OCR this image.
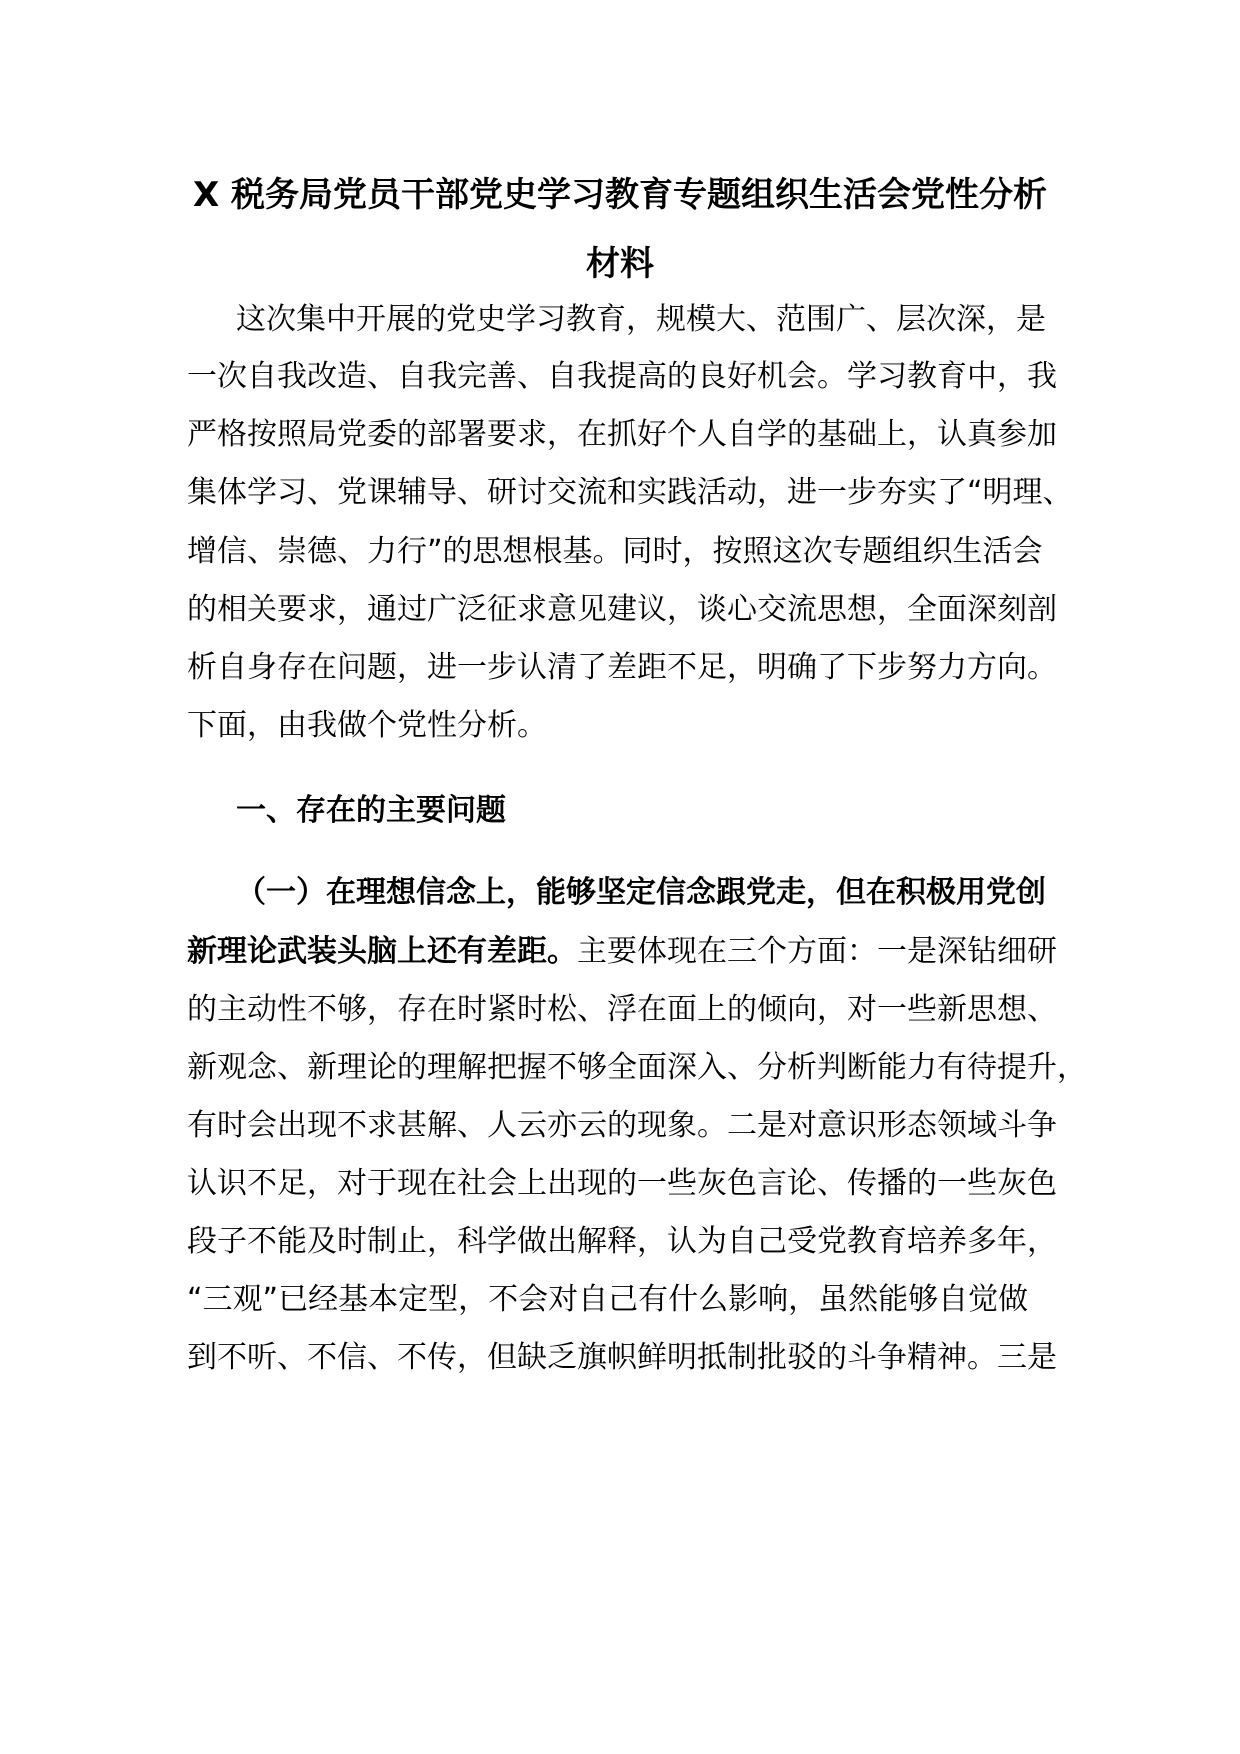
X 税务局党员干部党史学习教育专题组织生活会党性分析
材料

这次集中开展的党史学习教育，规模大、范围广、层次深，是

一次自我改造、自我完善、自我提高的良好机会。学习教育中，我

严格按照局党委的部署要求，在抓好个人自学的基础上，认真参加

集体学习、党课辅导、研讨交流和实践活动，进一步夯实了“明理、

增信、崇德、力行”的思想根基。同时，按照这次专题组织生活会

的相关要求，通过广泛征求意见建议，谈心交流思想，全面深刻剖

析自身存在问题，进一步认清了差距不足，明确了下步努力方向。

下面，由我做个党性分析。

一、存在的主要问题

（一）在理想信念上，能够坚定信念跟党走，但在积极用党创

新理论武装头脑上还有差距。主要体现在三个方面：一是深钻细研

的主动性不够，存在时紧时松、浮在面上的倾向，对一些新思想、

新观念、新理论的理解把握不够全面深入、分析判断能力有待提升，

有时会出现不求甚解、人云亦云的现象。二是对意识形态领域斗争

认识不足，对于现在社会上出现的一些灰色言论、传播的一些灰色

段子不能及时制止，科学做出解释，认为自己受党教育培养多年，

“三观”已经基本定型，不会对自己有什么影响，虽然能够自觉做

到不听、不信、不传，但缺乏旗帜鲜明抵制批驳的斗争精神。三是
